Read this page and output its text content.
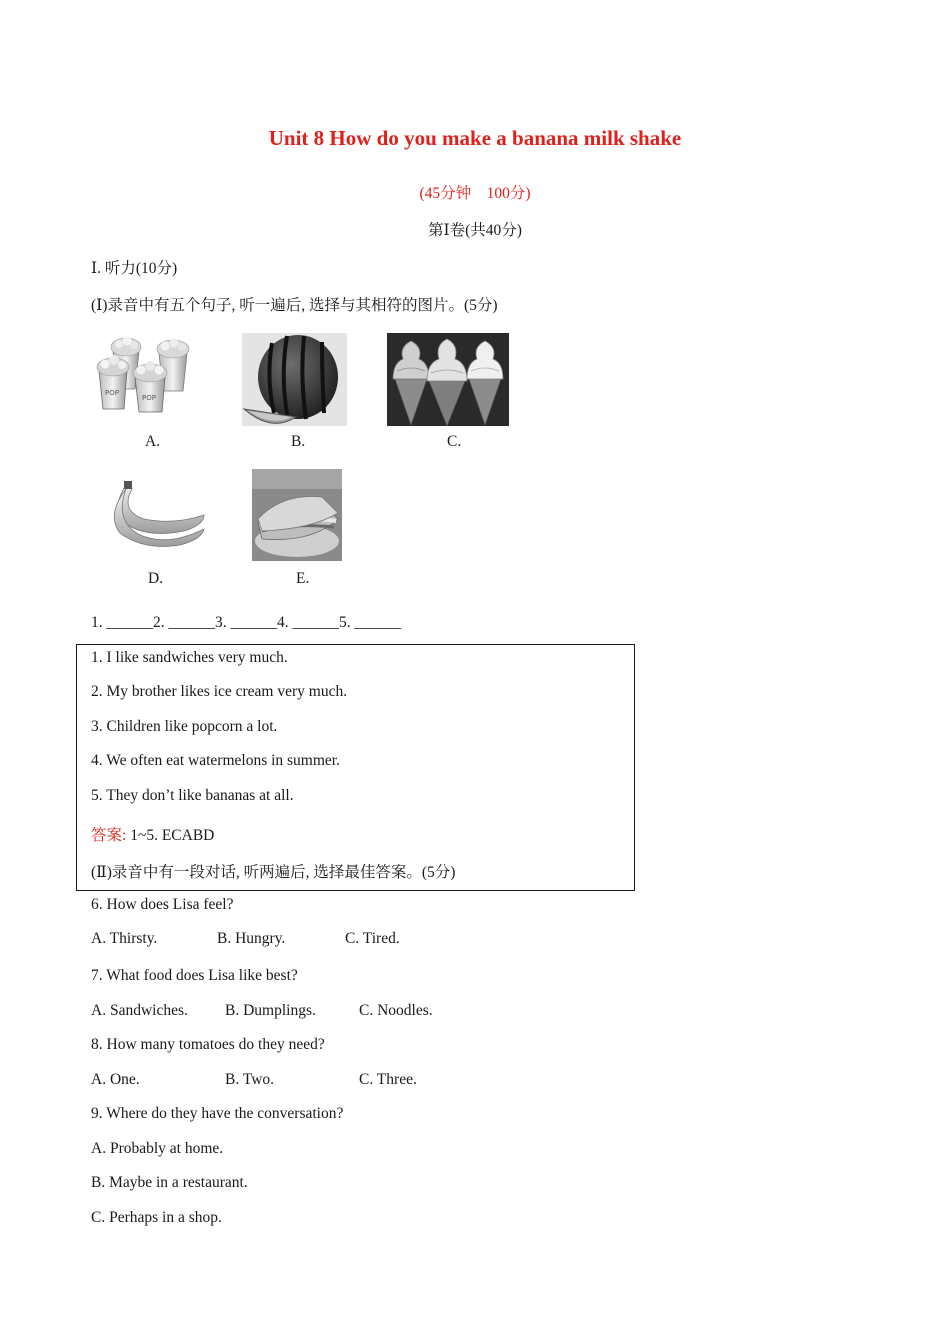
Unit 8 How do you make a banana milk shake
(45分钟　100分)
第Ⅰ卷(共40分)
Ⅰ. 听力(10分)
(Ⅰ)录音中有五个句子, 听一遍后, 选择与其相符的图片。(5分)
POP
POP
A.	B.	C.
D.	E.
1. ______2. ______3. ______4. ______5. ______
1. I like sandwiches very much.
2. My brother likes ice cream very much.
3. Children like popcorn a lot.
4. We often eat watermelons in summer.
5. They don’t like bananas at all.
答案: 1~5. ECABD
(Ⅱ)录音中有一段对话, 听两遍后, 选择最佳答案。(5分)
6. How does Lisa feel?
A. Thirsty.	B. Hungry.	C. Tired.
7. What food does Lisa like best?
A. Sandwiches. B. Dumplings.	C. Noodles.
8. How many tomatoes do they need?
A. One.	B. Two.	C. Three.
9. Where do they have the conversation?
A. Probably at home.
B. Maybe in a restaurant.
C. Perhaps in a shop.
